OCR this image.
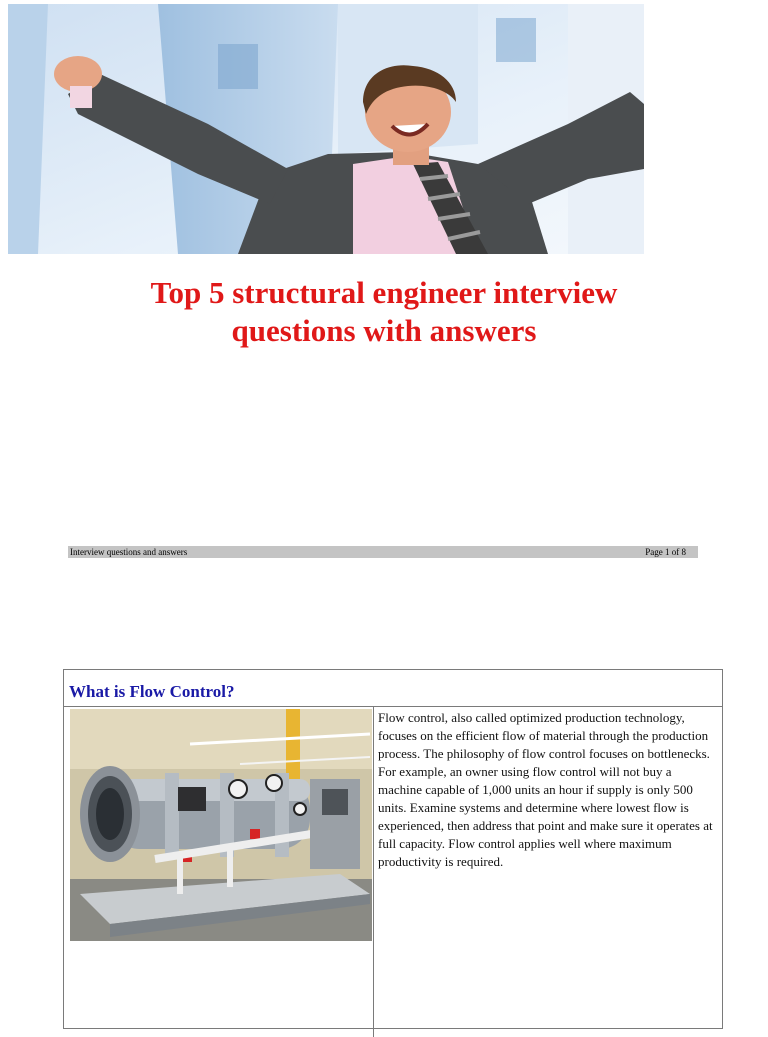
Top 5 structural engineer interview
questions with answers
Interview questions and answers	Page 1 of 8
What is Flow Control?
Flow control, also called optimized production technology, focuses on the efficient flow of material through the production process. The philosophy of flow control focuses on bottlenecks. For example, an owner using flow control will not buy a machine capable of 1,000 units an hour if supply is only 500 units. Examine systems and determine where lowest flow is experienced, then address that point and make sure it operates at full capacity. Flow control applies well where maximum productivity is required.
